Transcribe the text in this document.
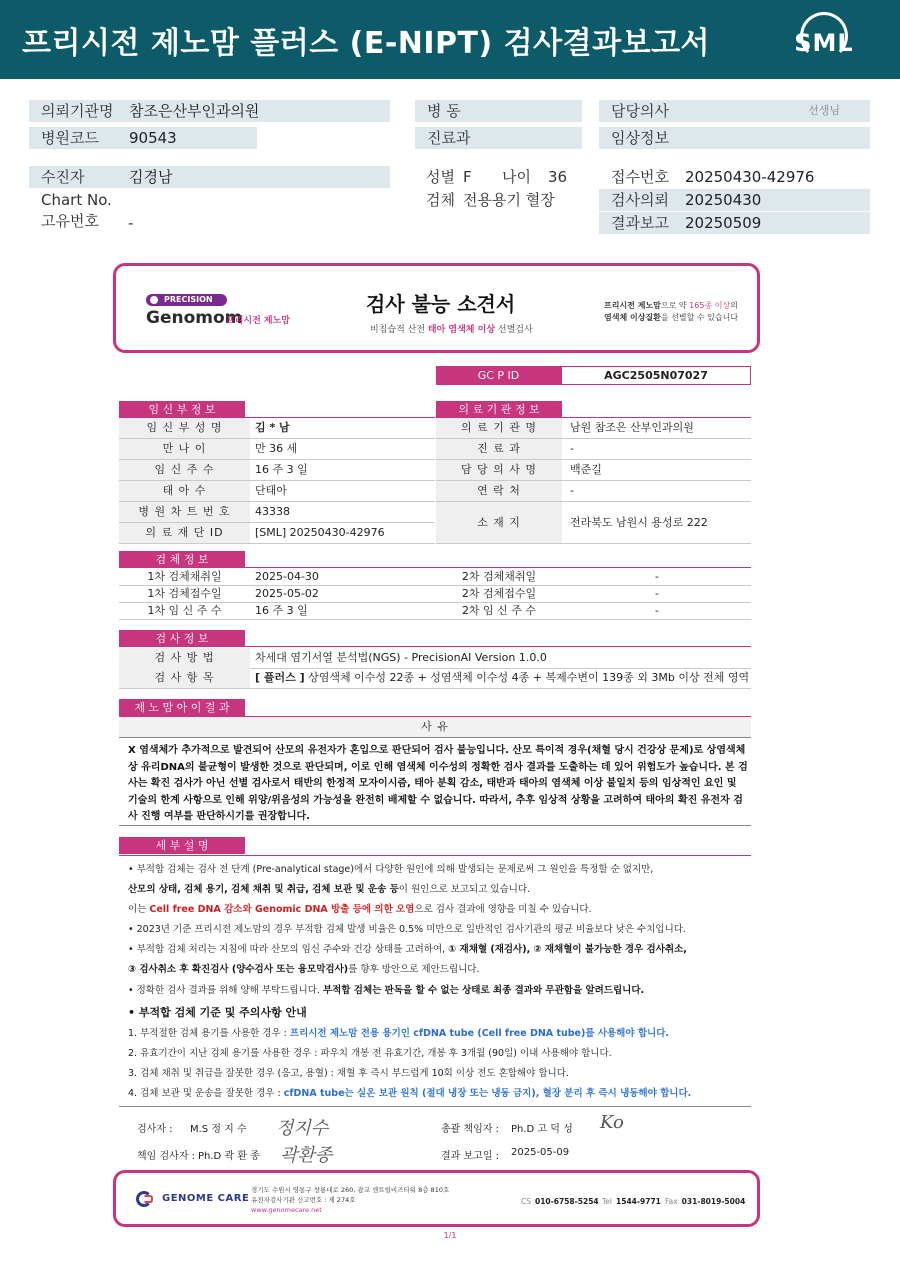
프리시전 제노맘 플러스 (E-NIPT) 검사결과보고서	SML
의뢰기관명 참조은산부인과의원
병원코드 90543
병 동
진료과
담당의사	선생님
임상정보
수진자	김경남
Chart No.
고유번호 -
성별 F 나이 36
검체 전용용기 혈장
접수번호 20250430-42976
검사의뢰 20250430
결과보고 20250509
PRECISION
Genomom
프리시전 제노맘
검사 불능 소견서
비침습적 산전 태아 염색체 이상 선별검사
프리시전 제노맘으로 약 165종 이상의
염색체 이상질환을 선별할 수 있습니다
GC P ID	AGC2505N07027
임 신 부 정 보	의 료 기 관 정 보
임 신 부 성 명	김 * 남
만 나 이	만 36 세
임 신 주 수	16 주 3 일
태 아 수	단태아
병 원 차 트 번 호	43338
의 료 재 단 ID	[SML] 20250430-42976
의 료 기 관 명	남원 참조은 산부인과의원
진 료 과	-
담 당 의 사 명	백준길
연 락 처	-
소 재 지	전라북도 남원시 용성로 222
검 체 정 보
1차 검체채취일	2025-04-30	2차 검체채취일	-
1차 검체접수일	2025-05-02	2차 검체접수일	-
1차 임 신 주 수	16 주 3 일	2차 임 신 주 수	-
검 사 정 보
검 사 방 법	차세대 염기서열 분석법(NGS) - PrecisionAI Version 1.0.0
검 사 항 목	[ 플러스 ] 상염색체 이수성 22종 + 성염색체 이수성 4종 + 복제수변이 139종 외 3Mb 이상 전체 영역
제 노 맘 아 이 결 과
사 유
X 염색체가 추가적으로 발견되어 산모의 유전자가 혼입으로 판단되어 검사 불능입니다. 산모 특이적 경우(채혈 당시 건강상 문제)로 상염색체 상 유리DNA의 불균형이 발생한 것으로 판단되며, 이로 인해 염색체 이수성의 정확한 검사 결과를 도출하는 데 있어 위험도가 높습니다. 본 검사는 확진 검사가 아닌 선별 검사로서 태반의 한정적 모자이시즘, 태아 분획 감소, 태반과 태아의 염색체 이상 불일치 등의 임상적인 요인 및 기술의 한계 사항으로 인해 위양/위음성의 가능성을 완전히 배제할 수 없습니다. 따라서, 추후 임상적 상황을 고려하여 태아의 확진 유전자 검사 진행 여부를 판단하시기를 권장합니다.
세 부 설 명
• 부적합 검체는 검사 전 단계 (Pre-analytical stage)에서 다양한 원인에 의해 발생되는 문제로써 그 원인을 특정할 순 없지만,
산모의 상태, 검체 용기, 검체 채취 및 취급, 검체 보관 및 운송 등이 원인으로 보고되고 있습니다.
이는 Cell free DNA 감소와 Genomic DNA 방출 등에 의한 오염으로 검사 결과에 영향을 미칠 수 있습니다.
• 2023년 기준 프리시전 제노맘의 경우 부적합 검체 발생 비율은 0.5% 미만으로 일반적인 검사기관의 평균 비율보다 낮은 수치입니다.
• 부적합 검체 처리는 지침에 따라 산모의 임신 주수와 건강 상태를 고려하여, ① 재채혈 (재검사), ② 재채혈이 불가능한 경우 검사취소,
③ 검사취소 후 확진검사 (양수검사 또는 융모막검사)를 향후 방안으로 제안드립니다.
• 정확한 검사 결과를 위해 양해 부탁드립니다. 부적합 검체는 판독을 할 수 없는 상태로 최종 결과와 무관함을 알려드립니다.
• 부적합 검체 기준 및 주의사항 안내
1. 부적절한 검체 용기를 사용한 경우 : 프리시전 제노맘 전용 용기인 cfDNA tube (Cell free DNA tube)를 사용해야 합니다.
2. 유효기간이 지난 검체 용기를 사용한 경우 : 파우치 개봉 전 유효기간, 개봉 후 3개월 (90일) 이내 사용해야 합니다.
3. 검체 채취 및 취급을 잘못한 경우 (응고, 용혈) : 채혈 후 즉시 부드럽게 10회 이상 전도 혼합해야 합니다.
4. 검체 보관 및 운송을 잘못한 경우 : cfDNA tube는 실온 보관 원칙 (절대 냉장 또는 냉동 금지), 혈장 분리 후 즉시 냉동해야 합니다.
검사자 : M.S 정 지 수 정지수	총괄 책임자 : Ph.D 고 덕 성 Ko
책임 검사자 : Ph.D 곽 환 종 곽환종	결과 보고일 : 2025-05-09
GENOME CARE
경기도 수원시 영통구 창룡대로 260, 광교 센트럴비즈타워 8층 810호
유전자검사기관 신고번호 : 제 274호
www.genomecare.net
CS 010-6758-5254 Tel 1544-9771 Fax 031-8019-5004
1/1
